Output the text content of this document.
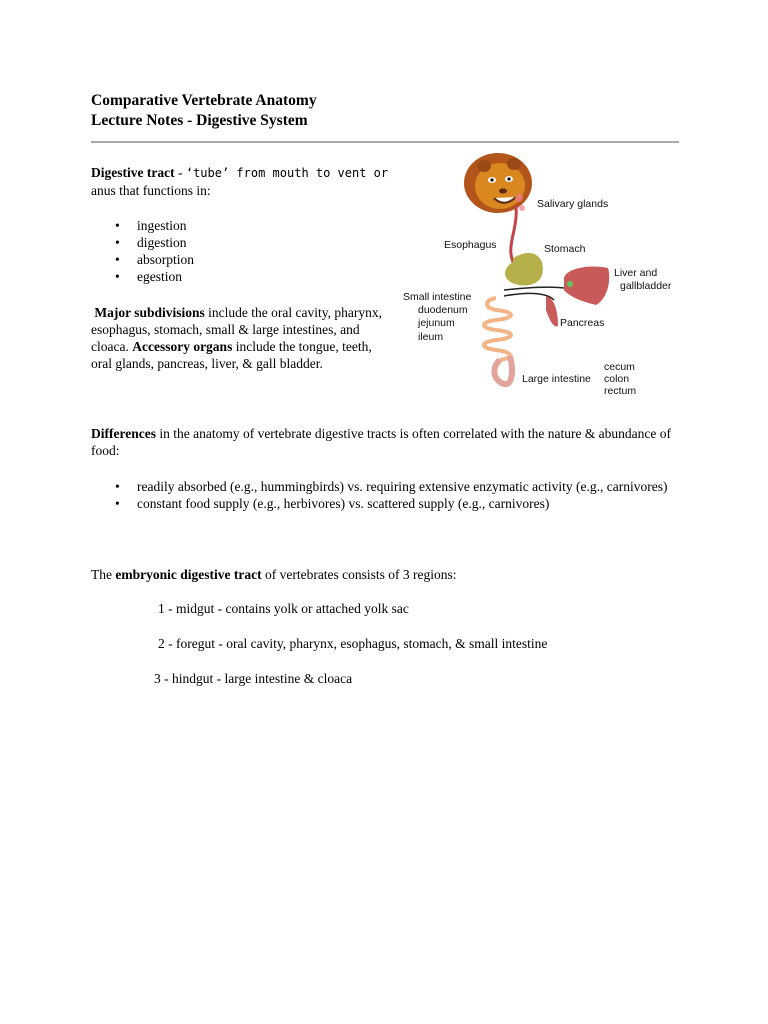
Comparative Vertebrate Anatomy
Lecture Notes - Digestive System
Digestive tract - ‘tube’ from mouth to vent or
anus that functions in:
• ingestion
• digestion
• absorption
• egestion
Major subdivisions include the oral cavity, pharynx, esophagus, stomach, small & large intestines, and cloaca. Accessory organs include the tongue, teeth, oral glands, pancreas, liver, & gall bladder.
Salivary glands
Esophagus	Stomach
Liver and
gallbladder
Small intestine
duodenum
jejunum
ileum
Pancreas
Large intestine
cecum
colon
rectum
Differences in the anatomy of vertebrate digestive tracts is often correlated with the nature & abundance of food:
• readily absorbed (e.g., hummingbirds) vs. requiring extensive enzymatic activity (e.g., carnivores)
• constant food supply (e.g., herbivores) vs. scattered supply (e.g., carnivores)
The embryonic digestive tract of vertebrates consists of 3 regions:
1 - midgut - contains yolk or attached yolk sac
2 - foregut - oral cavity, pharynx, esophagus, stomach, & small intestine
3 - hindgut - large intestine & cloaca
